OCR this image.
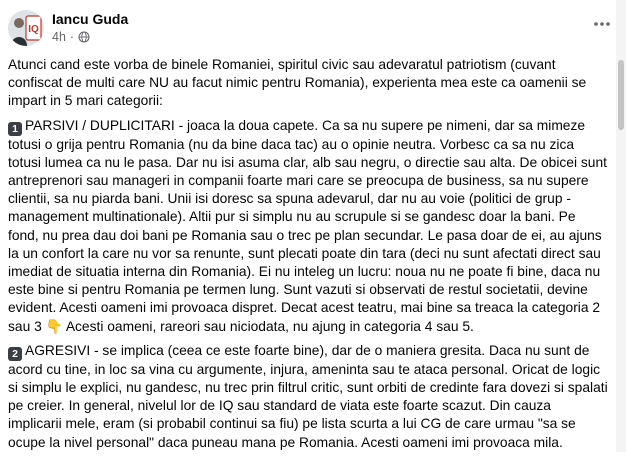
IQ
Iancu Guda
4h ·

Atunci cand este vorba de binele Romaniei, spiritul civic sau adevaratul patriotism (cuvant confiscat de multi care NU au facut nimic pentru Romania), experienta mea este ca oamenii se impart in 5 mari categorii:

1 PARSIVI / DUPLICITARI - joaca la doua capete. Ca sa nu supere pe nimeni, dar sa mimeze totusi o grija pentru Romania (nu da bine daca tac) au o opinie neutra. Vorbesc ca sa nu zica totusi lumea ca nu le pasa. Dar nu isi asuma clar, alb sau negru, o directie sau alta. De obicei sunt antreprenori sau manageri in companii foarte mari care se preocupa de business, sa nu supere clientii, sa nu piarda bani. Unii isi doresc sa spuna adevarul, dar nu au voie (politici de grup - management multinationale). Altii pur si simplu nu au scrupule si se gandesc doar la bani. Pe fond, nu prea dau doi bani pe Romania sau o trec pe plan secundar. Le pasa doar de ei, au ajuns la un confort la care nu vor sa renunte, sunt plecati poate din tara (deci nu sunt afectati direct sau imediat de situatia interna din Romania). Ei nu inteleg un lucru: noua nu ne poate fi bine, daca nu este bine si pentru Romania pe termen lung. Sunt vazuti si observati de restul societatii, devine evident. Acesti oameni imi provoaca dispret. Decat acest teatru, mai bine sa treaca la categoria 2 sau 3 👇 Acesti oameni, rareori sau niciodata, nu ajung in categoria 4 sau 5.

2 AGRESIVI - se implica (ceea ce este foarte bine), dar de o maniera gresita. Daca nu sunt de acord cu tine, in loc sa vina cu argumente, injura, ameninta sau te ataca personal. Oricat de logic si simplu le explici, nu gandesc, nu trec prin filtrul critic, sunt orbiti de credinte fara dovezi si spalati pe creier. In general, nivelul lor de IQ sau standard de viata este foarte scazut. Din cauza implicarii mele, eram (si probabil continui sa fiu) pe lista scurta a lui CG de care urmau "sa se ocupe la nivel personal" daca puneau mana pe Romania. Acesti oameni imi provoaca mila.
